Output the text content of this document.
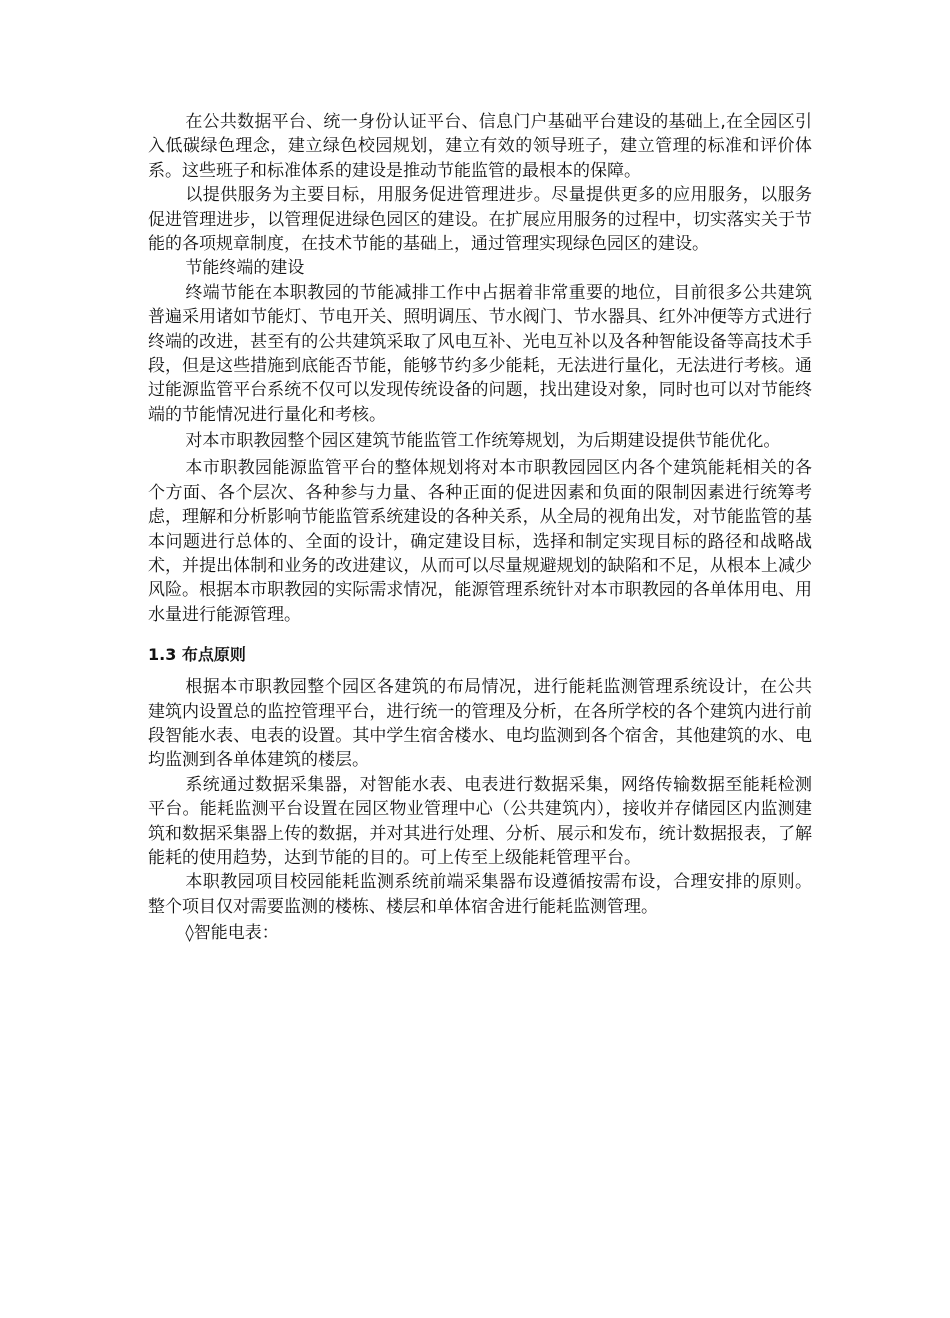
在公共数据平台、统一身份认证平台、信息门户基础平台建设的基础上,在全园区引入低碳绿色理念，建立绿色校园规划，建立有效的领导班子，建立管理的标准和评价体系。这些班子和标准体系的建设是推动节能监管的最根本的保障。

以提供服务为主要目标，用服务促进管理进步。尽量提供更多的应用服务，以服务促进管理进步，以管理促进绿色园区的建设。在扩展应用服务的过程中，切实落实关于节能的各项规章制度，在技术节能的基础上，通过管理实现绿色园区的建设。

节能终端的建设

终端节能在本职教园的节能减排工作中占据着非常重要的地位，目前很多公共建筑普遍采用诸如节能灯、节电开关、照明调压、节水阀门、节水器具、红外冲便等方式进行终端的改进，甚至有的公共建筑采取了风电互补、光电互补以及各种智能设备等高技术手段，但是这些措施到底能否节能，能够节约多少能耗，无法进行量化，无法进行考核。通过能源监管平台系统不仅可以发现传统设备的问题，找出建设对象，同时也可以对节能终端的节能情况进行量化和考核。

对本市职教园整个园区建筑节能监管工作统筹规划，为后期建设提供节能优化。

本市职教园能源监管平台的整体规划将对本市职教园园区内各个建筑能耗相关的各个方面、各个层次、各种参与力量、各种正面的促进因素和负面的限制因素进行统筹考虑，理解和分析影响节能监管系统建设的各种关系，从全局的视角出发，对节能监管的基本问题进行总体的、全面的设计，确定建设目标，选择和制定实现目标的路径和战略战术，并提出体制和业务的改进建议，从而可以尽量规避规划的缺陷和不足，从根本上减少风险。根据本市职教园的实际需求情况，能源管理系统针对本市职教园的各单体用电、用水量进行能源管理。

1.3 布点原则

根据本市职教园整个园区各建筑的布局情况，进行能耗监测管理系统设计，在公共建筑内设置总的监控管理平台，进行统一的管理及分析，在各所学校的各个建筑内进行前段智能水表、电表的设置。其中学生宿舍楼水、电均监测到各个宿舍，其他建筑的水、电均监测到各单体建筑的楼层。

系统通过数据采集器，对智能水表、电表进行数据采集，网络传输数据至能耗检测平台。能耗监测平台设置在园区物业管理中心（公共建筑内），接收并存储园区内监测建筑和数据采集器上传的数据，并对其进行处理、分析、展示和发布，统计数据报表，了解能耗的使用趋势，达到节能的目的。可上传至上级能耗管理平台。

本职教园项目校园能耗监测系统前端采集器布设遵循按需布设，合理安排的原则。整个项目仅对需要监测的楼栋、楼层和单体宿舍进行能耗监测管理。

◊智能电表：
